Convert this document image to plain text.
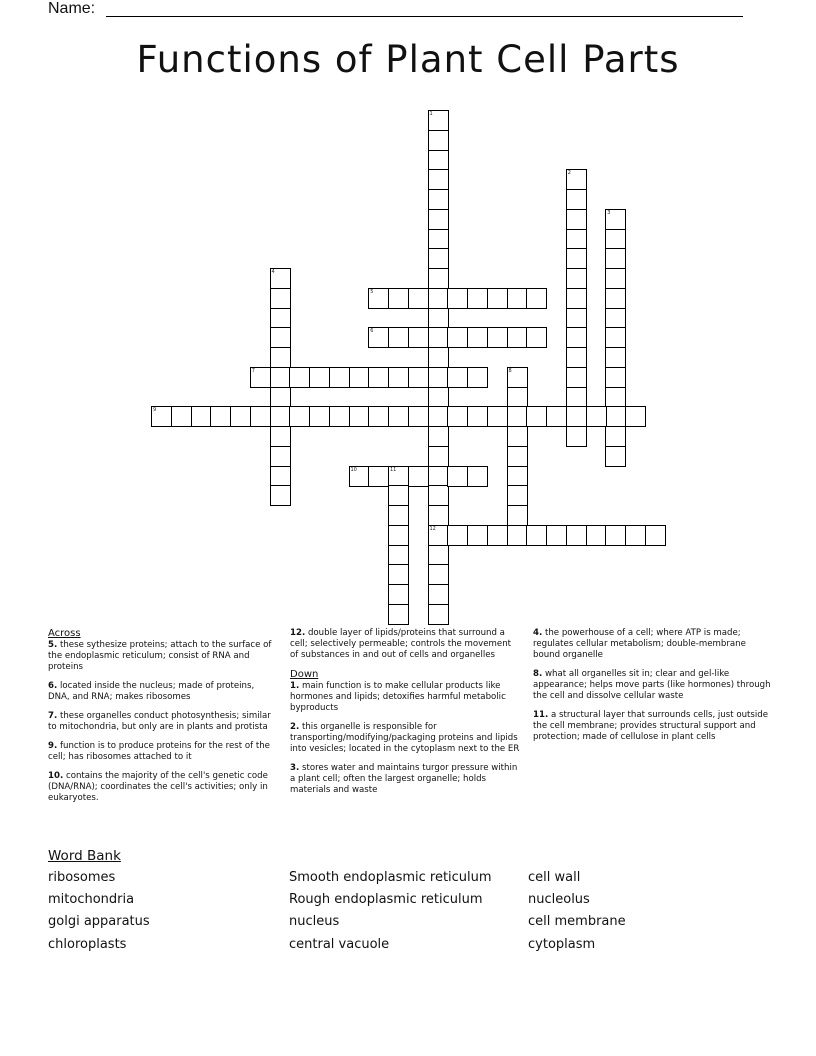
Name:
Functions of Plant Cell Parts
1
12
2
3
4
5
6
7	8
9
10	11
Across
5. these sythesize proteins; attach to the surface of the endoplasmic reticulum; consist of RNA and proteins
6. located inside the nucleus; made of proteins, DNA, and RNA; makes ribosomes
7. these organelles conduct photosynthesis; similar to mitochondria, but only are in plants and protista
9. function is to produce proteins for the rest of the cell; has ribosomes attached to it
10. contains the majority of the cell's genetic code (DNA/RNA); coordinates the cell's activities; only in eukaryotes.
12. double layer of lipids/proteins that surround a cell; selectively permeable; controls the movement of substances in and out of cells and organelles
Down
1. main function is to make cellular products like hormones and lipids; detoxifies harmful metabolic byproducts
2. this organelle is responsible for transporting/modifying/packaging proteins and lipids into vesicles; located in the cytoplasm next to the ER
3. stores water and maintains turgor pressure within a plant cell; often the largest organelle; holds materials and waste
4. the powerhouse of a cell; where ATP is made; regulates cellular metabolism; double-membrane bound organelle
8. what all organelles sit in; clear and gel-like appearance; helps move parts (like hormones) through the cell and dissolve cellular waste
11. a structural layer that surrounds cells, just outside the cell membrane; provides structural support and protection; made of cellulose in plant cells
Word Bank
ribosomes
mitochondria
golgi apparatus
chloroplasts
Smooth endoplasmic reticulum
Rough endoplasmic reticulum
nucleus
central vacuole
cell wall
nucleolus
cell membrane
cytoplasm
